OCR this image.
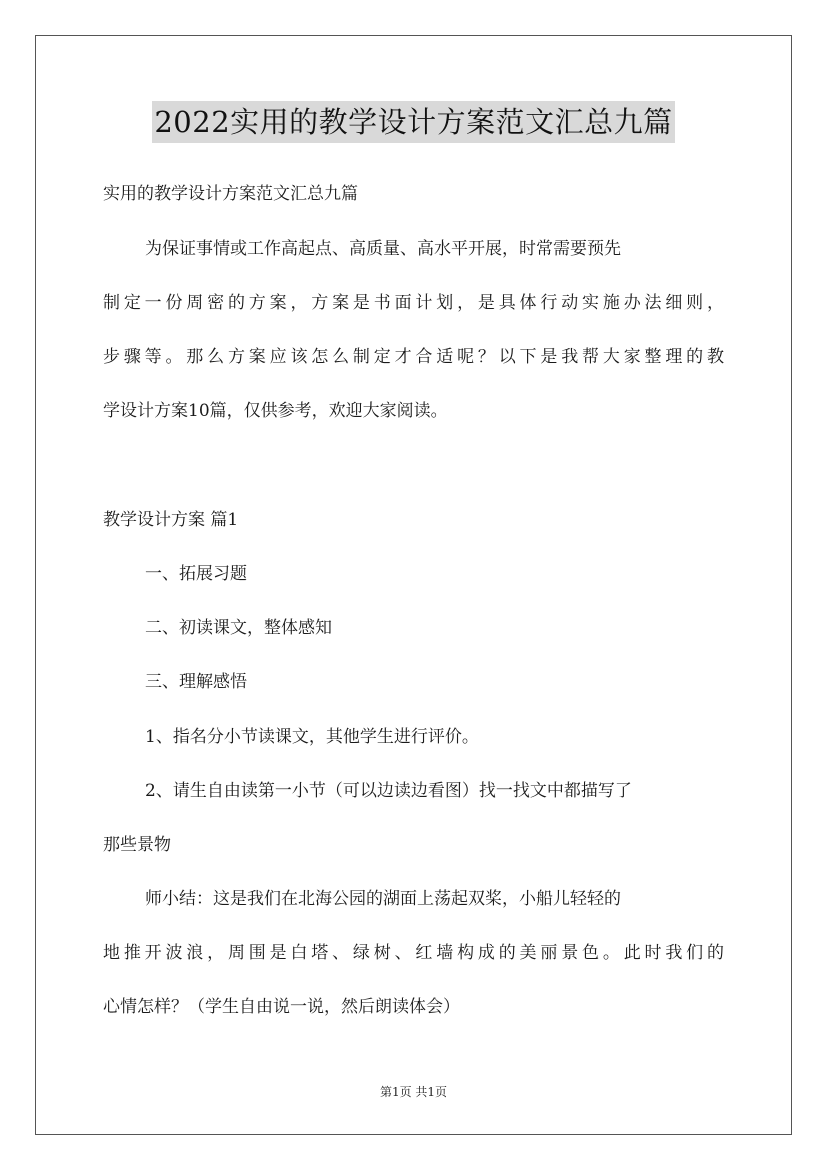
2022实用的教学设计方案范文汇总九篇
实用的教学设计方案范文汇总九篇
为保证事情或工作高起点、高质量、高水平开展，时常需要预先
制定一份周密的方案，方案是书面计划，是具体行动实施办法细则，
步骤等。那么方案应该怎么制定才合适呢？以下是我帮大家整理的教
学设计方案10篇，仅供参考，欢迎大家阅读。
教学设计方案 篇1
一、拓展习题
二、初读课文，整体感知
三、理解感悟
1、指名分小节读课文，其他学生进行评价。
2、请生自由读第一小节（可以边读边看图）找一找文中都描写了
那些景物
师小结：这是我们在北海公园的湖面上荡起双桨，小船儿轻轻的
地推开波浪，周围是白塔、绿树、红墙构成的美丽景色。此时我们的
心情怎样？（学生自由说一说，然后朗读体会）
第1页 共1页
